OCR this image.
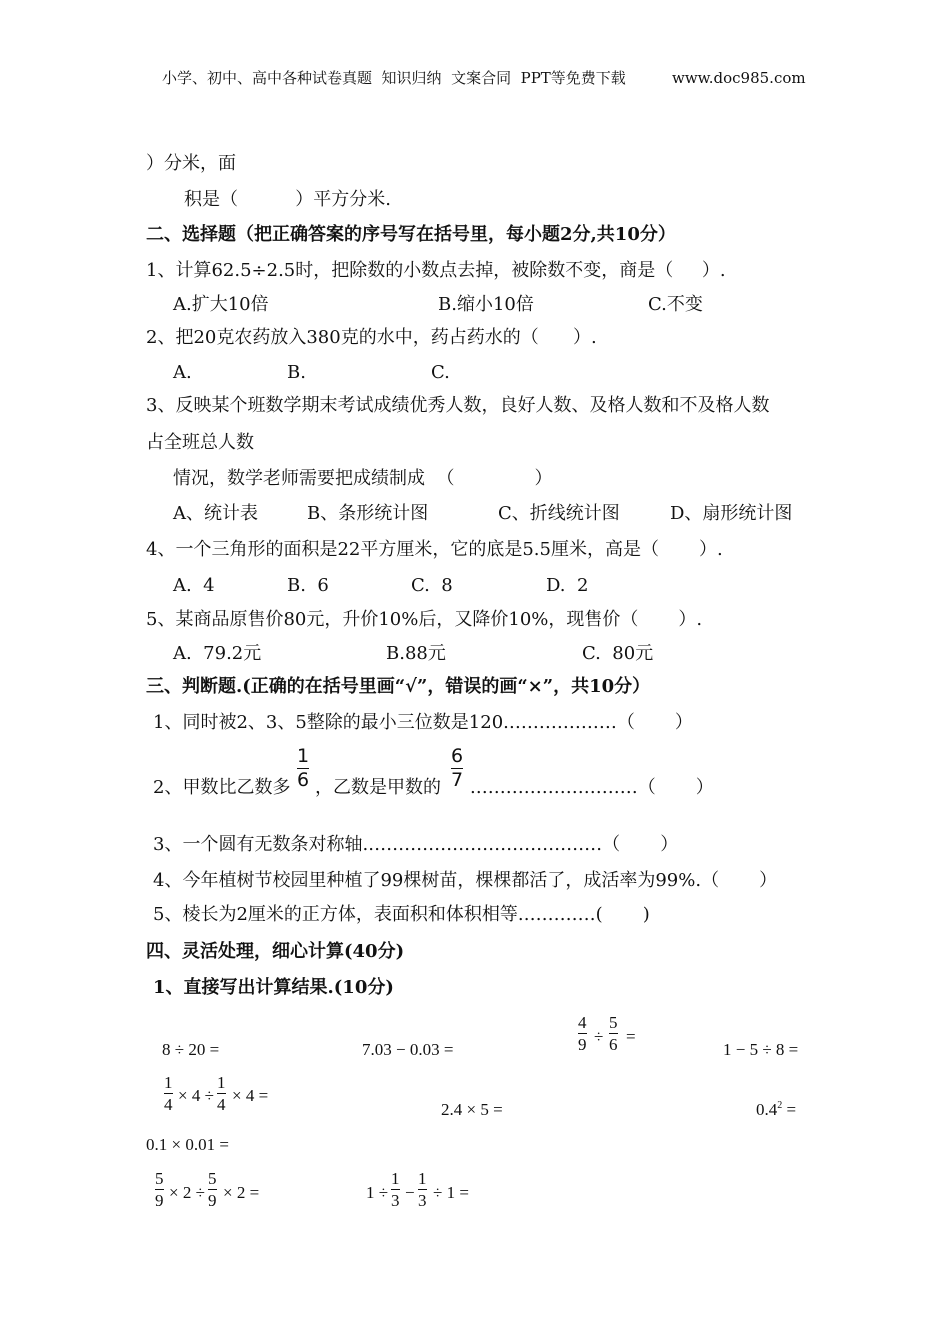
小学、初中、高中各种试卷真题  知识归纳  文案合同  PPT等免费下载	www.doc985.com
）分米，面
积是（          ）平方分米.
二、选择题（把正确答案的序号写在括号里，每小题2分,共10分）
1、计算62.5÷2.5时，把除数的小数点去掉，被除数不变，商是（     ）.
A.扩大10倍	B.缩小10倍	C.不变
2、把20克农药放入380克的水中，药占药水的（      ）.
A.	B.	C.
3、反映某个班数学期末考试成绩优秀人数，良好人数、及格人数和不及格人数
占全班总人数
情况，数学老师需要把成绩制成  （              ）
A、统计表	B、条形统计图	C、折线统计图	D、扇形统计图
4、一个三角形的面积是22平方厘米，它的底是5.5厘米，高是（       ）.
A.  4	B.  6	C.  8	D.  2
5、某商品原售价80元，升价10%后，又降价10%，现售价（       ）.
A.  79.2元	B.88元	C.  80元
三、判断题.(正确的在括号里画“√”，错误的画“×”，共10分）
1、同时被2、3、5整除的最小三位数是120.………………（       ）
2、甲数比乙数多
1
6 ，乙数是甲数的
6
7 .………………………（       ）
3、一个圆有无数条对称轴.…………………………………（       ）
4、今年植树节校园里种植了99棵树苗，棵棵都活了，成活率为99%.（       ）
5、棱长为2厘米的正方体，表面积和体积相等.…………(       )
四、灵活处理，细心计算(40分)
1、直接写出计算结果.(10分)
8 ÷ 20 =	7.03 − 0.03 =
4
9 ÷
5
6 =
1 − 5 ÷ 8 =
1
4 × 4 ÷
1
4 × 4 =
2.4 × 5 =	$0.4^2$ =
0.1 × 0.01 =
5
9 × 2 ÷
5
9 × 2 =	1 ÷
1
3 −
1
3 ÷ 1 =
